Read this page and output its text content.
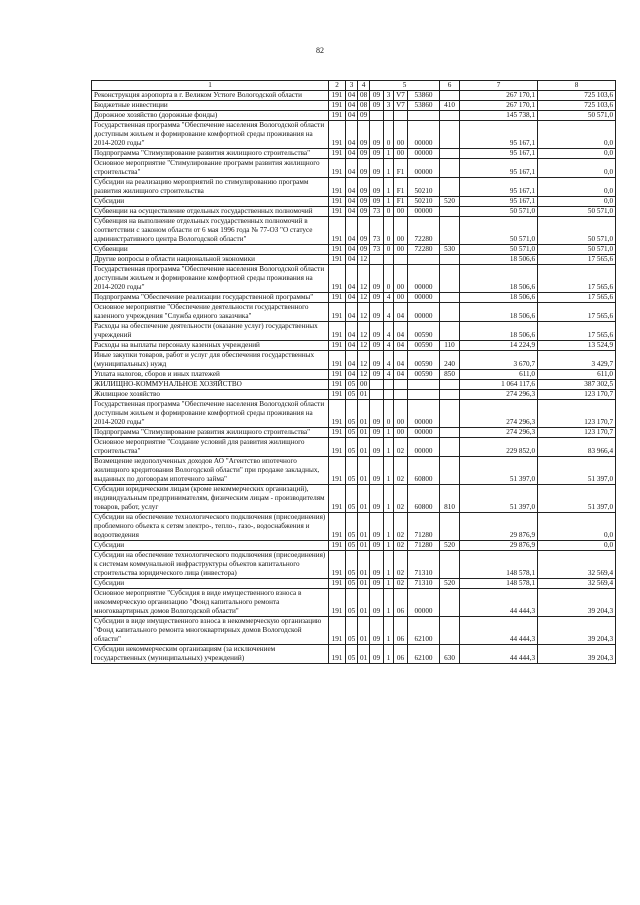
82
1	2	3	4	5				6	7	8
Реконструкция аэропорта в г. Великом Устюге Вологодской области	191	04	08	09	3	V7	53860		267 170,1	725 103,6
Бюджетные инвестиции	191	04	08	09	3	V7	53860	410	267 170,1	725 103,6
Дорожное хозяйство (дорожные фонды)	191	04	09						145 738,1	50 571,0
Государственная программа "Обеспечение населения Вологодской области доступным жильем и формирование комфортной среды проживания на 2014-2020 годы"	191	04	09	09	0	00	00000		95 167,1	0,0
Подпрограмма "Стимулирование развития жилищного строительства"	191	04	09	09	1	00	00000		95 167,1	0,0
Основное мероприятие "Стимулирование программ развития жилищного строительства"	191	04	09	09	1	F1	00000		95 167,1	0,0
Субсидии на реализацию мероприятий по стимулированию программ развития жилищного строительства	191	04	09	09	1	F1	50210		95 167,1	0,0
Субсидии	191	04	09	09	1	F1	50210	520	95 167,1	0,0
Субвенции на осуществление отдельных государственных полномочий	191	04	09	73	0	00	00000		50 571,0	50 571,0
Субвенция на выполнение отдельных государственных полномочий в соответствии с законом области от 6 мая 1996 года № 77-ОЗ "О статусе административного центра Вологодской области"	191	04	09	73	0	00	72280		50 571,0	50 571,0
Субвенции	191	04	09	73	0	00	72280	530	50 571,0	50 571,0
Другие вопросы в области национальной экономики	191	04	12						18 506,6	17 565,6
Государственная программа "Обеспечение населения Вологодской области доступным жильем и формирование комфортной среды проживания на 2014-2020 годы"	191	04	12	09	0	00	00000		18 506,6	17 565,6
Подпрограмма "Обеспечение реализации государственной программы"	191	04	12	09	4	00	00000		18 506,6	17 565,6
Основное мероприятие "Обеспечение деятельности государственного казенного учреждения "Служба единого заказчика"	191	04	12	09	4	04	00000		18 506,6	17 565,6
Расходы на обеспечение деятельности (оказание услуг) государственных учреждений	191	04	12	09	4	04	00590		18 506,6	17 565,6
Расходы на выплаты персоналу казенных учреждений	191	04	12	09	4	04	00590	110	14 224,9	13 524,9
Иные закупки товаров, работ и услуг для обеспечения государственных (муниципальных) нужд	191	04	12	09	4	04	00590	240	3 670,7	3 429,7
Уплата налогов, сборов и иных платежей	191	04	12	09	4	04	00590	850	611,0	611,0
ЖИЛИЩНО-КОММУНАЛЬНОЕ ХОЗЯЙСТВО	191	05	00						1 064 117,6	387 302,5
Жилищное хозяйство	191	05	01						274 296,3	123 170,7
Государственная программа "Обеспечение населения Вологодской области доступным жильем и формирование комфортной среды проживания на 2014-2020 годы"	191	05	01	09	0	00	00000		274 296,3	123 170,7
Подпрограмма "Стимулирование развития жилищного строительства"	191	05	01	09	1	00	00000		274 296,3	123 170,7
Основное мероприятие "Создание условий для развития жилищного строительства"	191	05	01	09	1	02	00000		229 852,0	83 966,4
Возмещение недополученных доходов АО "Агентство ипотечного жилищного кредитования Вологодской области" при продаже закладных, выданных по договорам ипотечного займа"	191	05	01	09	1	02	60800		51 397,0	51 397,0
Субсидии юридическим лицам (кроме некоммерческих организаций), индивидуальным предпринимателям, физическим лицам - производителям товаров, работ, услуг	191	05	01	09	1	02	60800	810	51 397,0	51 397,0
Субсидии на обеспечение технологического подключения (присоединения) проблемного объекта к сетям электро-, тепло-, газо-, водоснабжения и водоотведения	191	05	01	09	1	02	71280		29 876,9	0,0
Субсидии	191	05	01	09	1	02	71280	520	29 876,9	0,0
Субсидии на обеспечение технологического подключения (присоединения) к системам коммунальной инфраструктуры объектов капитального строительства юридического лица (инвестора)	191	05	01	09	1	02	71310		148 578,1	32 569,4
Субсидии	191	05	01	09	1	02	71310	520	148 578,1	32 569,4
Основное мероприятие "Субсидия в виде имущественного взноса в некоммерческую организацию "Фонд капитального ремонта многоквартирных домов Вологодской области"	191	05	01	09	1	06	00000		44 444,3	39 204,3
Субсидии в виде имущественного взноса в некоммерческую организацию "Фонд капитального ремонта многоквартирных домов Вологодской области"	191	05	01	09	1	06	62100		44 444,3	39 204,3
Субсидии некоммерческим организациям (за исключением государственных (муниципальных) учреждений)	191	05	01	09	1	06	62100	630	44 444,3	39 204,3
